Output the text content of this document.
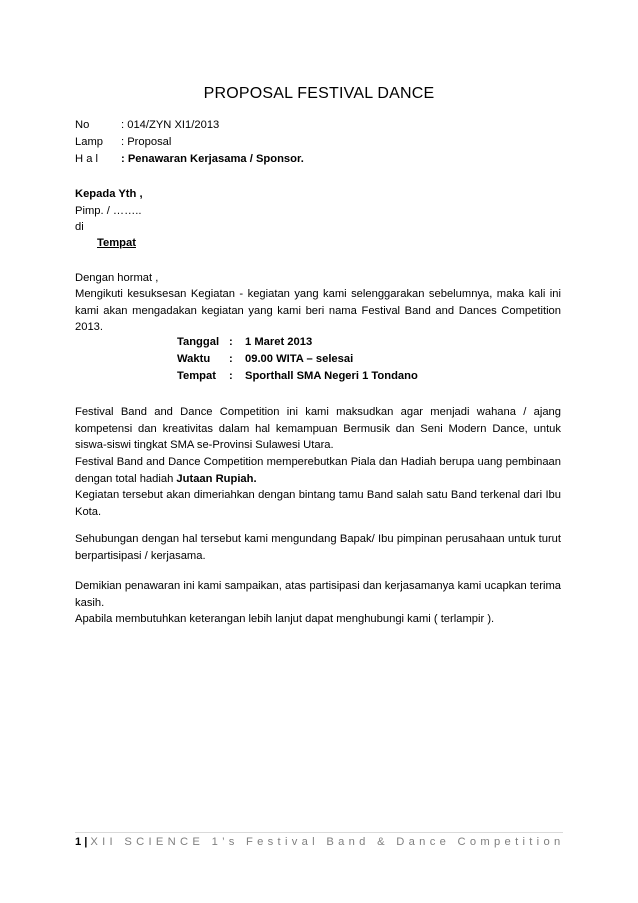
PROPOSAL FESTIVAL DANCE
No	: 014/ZYN XI1/2013
Lamp : Proposal
H a l : Penawaran Kerjasama / Sponsor.
Kepada Yth ,
Pimp. / ……..
di
Tempat
Dengan hormat ,
Mengikuti kesuksesan Kegiatan - kegiatan yang kami selenggarakan sebelumnya, maka kali ini kami akan mengadakan kegiatan yang kami beri nama Festival Band and Dances Competition 2013.
Tanggal : 1 Maret 2013
Waktu : 09.00 WITA – selesai
Tempat : Sporthall SMA Negeri 1 Tondano
Festival Band and Dance Competition ini kami maksudkan agar menjadi wahana / ajang kompetensi dan kreativitas dalam hal kemampuan Bermusik dan Seni Modern Dance, untuk siswa-siswi tingkat SMA se-Provinsi Sulawesi Utara.
Festival Band and Dance Competition memperebutkan Piala dan Hadiah berupa uang pembinaan dengan total hadiah Jutaan Rupiah.
Kegiatan tersebut akan dimeriahkan dengan bintang tamu Band salah satu Band terkenal dari Ibu Kota.
Sehubungan dengan hal tersebut kami mengundang Bapak/ Ibu pimpinan perusahaan untuk turut berpartisipasi / kerjasama.
Demikian penawaran ini kami sampaikan, atas partisipasi dan kerjasamanya kami ucapkan terima kasih.
Apabila membutuhkan keterangan lebih lanjut dapat menghubungi kami ( terlampir ).
1 | XII SCIENCE 1’s Festival Band & Dance Competition
